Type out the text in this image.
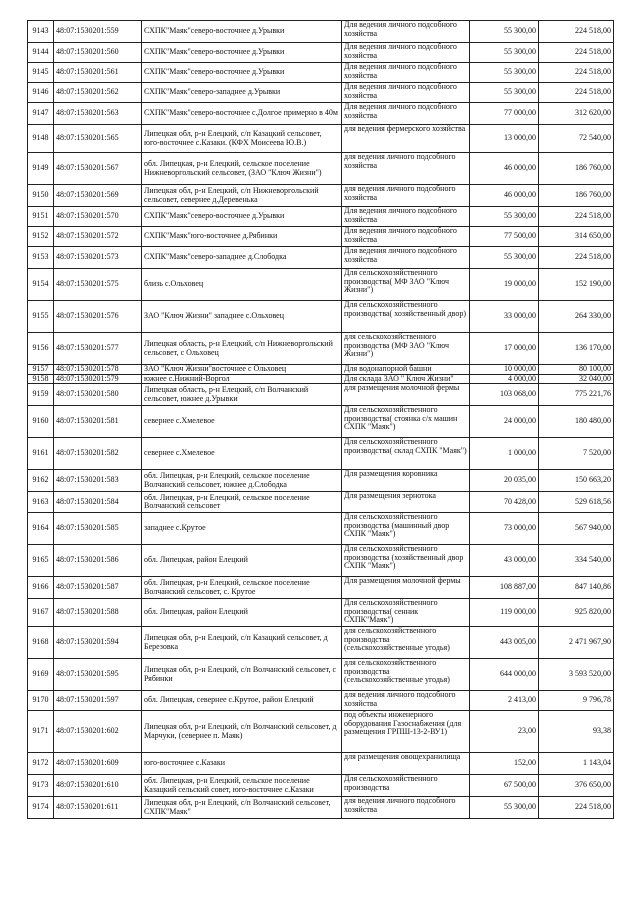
9143	48:07:1530201:559	СХПК"Маяк"северо-восточнее д.Урывки	Для ведения личного подсобного хозяйства	55 300,00	224 518,00
9144	48:07:1530201:560	СХПК"Маяк"северо-восточнее д.Урывки	Для ведения личного подсобного хозяйства	55 300,00	224 518,00
9145	48:07:1530201:561	СХПК"Маяк"северо-восточнее д.Урывки	Для ведения личного подсобного хозяйства	55 300,00	224 518,00
9146	48:07:1530201:562	СХПК"Маяк"северо-западнее д.Урывки	Для ведения личного подсобного хозяйства	55 300,00	224 518,00
9147	48:07:1530201:563	СХПК"Маяк"северо-восточнее с.Долгое примерно в 40м	Для ведения личного подсобного хозяйства	77 000,00	312 620,00
9148	48:07:1530201:565	Липецкая обл, р-н Елецкий, с/п Казацкий сельсовет, юго-восточнее с.Казаки. (КФХ Моисеева Ю.В.)	для ведения фермерского хозяйства	13 000,00	72 540,00
9149	48:07:1530201:567	обл. Липецкая, р-н Елецкий, сельское поселение Нижневоргольский сельсовет, (ЗАО "Ключ Жизни")	для ведения личного подсобного хозяйства	46 000,00	186 760,00
9150	48:07:1530201:569	Липецкая обл, р-н Елецкий, с/п Нижневоргольский сельсовет, севернее д.Деревенька	для ведения личного подсобного хозяйства	46 000,00	186 760,00
9151	48:07:1530201:570	СХПК"Маяк"северо-восточнее д.Урывки	Для ведения личного подсобного хозяйства	55 300,00	224 518,00
9152	48:07:1530201:572	СХПК"Маяк"юго-восточнее д.Рябинки	Для ведения личного подсобного хозяйства	77 500,00	314 650,00
9153	48:07:1530201:573	СХПК"Маяк"северо-западнее д.Слободка	Для ведения личного подсобного хозяйства	55 300,00	224 518,00
9154	48:07:1530201:575	близь с.Ольховец	Для сельскохозяйственного производства( МФ ЗАО "Ключ Жизни")	19 000,00	152 190,00
9155	48:07:1530201:576	ЗАО "Ключ Жизни" западнее с.Ольховец	Для сельскохозяйственного производства( хозяйственный двор)	33 000,00	264 330,00
9156	48:07:1530201:577	Липецкая область, р-н Елецкий, с/п Нижневоргольский сельсовет, с Ольховец	для сельскохозяйственного производства (МФ ЗАО "Ключ Жизни")	17 000,00	136 170,00
9157	48:07:1530201:578	ЗАО "Ключ Жизни"восточнее с Ольховец	Для водонапорной башни	10 000,00	80 100,00
9158	48:07:1530201:579	южнее с.Нижний-Воргол	Для склада ЗАО " Ключ Жизни"	4 000,00	32 040,00
9159	48:07:1530201:580	Липецкая область, р-н Елецкий, с/п Волчанский сельсовет, южнее д.Урывки	для размещения молочной фермы	103 068,00	775 221,76
9160	48:07:1530201:581	севернее с.Хмелевое	Для сельскохозяйственного производства( стоянка с/х машин СХПК "Маяк")	24 000,00	180 480,00
9161	48:07:1530201:582	севернее с.Хмелевое	Для сельскохозяйственного производства( склад СХПК "Маяк")	1 000,00	7 520,00
9162	48:07:1530201:583	обл. Липецкая, р-н Елецкий, сельское поселение Волчанский сельсовет, южнее д.Слободка	Для размещения коровника	20 035,00	150 663,20
9163	48:07:1530201:584	обл. Липецкая, р-н Елецкий, сельское поселение Волчанский сельсовет	Для размещения зернотока	70 428,00	529 618,56
9164	48:07:1530201:585	западнее с.Крутое	Для сельскохозяйственного производства (машинный двор СХПК "Маяк")	73 000,00	567 940,00
9165	48:07:1530201:586	обл. Липецкая, район Елецкий	Для сельскохозяйственного производства (хозяйственный двор СХПК "Маяк")	43 000,00	334 540,00
9166	48:07:1530201:587	обл. Липецкая, р-н Елецкий, сельское поселение Волчанский сельсовет, с. Крутое	Для размещения молочной фермы	108 887,00	847 140,86
9167	48:07:1530201:588	обл. Липецкая, район Елецкий	Для сельскохозяйственного производства( сенник СХПК"Маяк")	119 000,00	925 820,00
9168	48:07:1530201:594	Липецкая обл, р-н Елецкий, с/п Казацкий сельсовет, д Березовка	для сельскохозяйственного производства (сельскохозяйственные угодья)	443 005,00	2 471 967,90
9169	48:07:1530201:595	Липецкая обл, р-н Елецкий, с/п Волчанский сельсовет, с Рябинки	для сельскохозяйственного производства (сельскохозяйственные угодья)	644 000,00	3 593 520,00
9170	48:07:1530201:597	обл. Липецкая, севернее с.Крутое, район Елецкий	для ведения личного подсобного хозяйства	2 413,00	9 796,78
9171	48:07:1530201:602	Липецкая обл, р-н Елецкий, с/п Волчанский сельсовет, д Марчуки, (севернее п. Маяк)	под объекты инженерного оборудования Газоснабжения (для размещения ГРПШ-13-2-ВУ1)	23,00	93,38
9172	48:07:1530201:609	юго-восточнее с.Казаки	для размещения овощехранилища	152,00	1 143,04
9173	48:07:1530201:610	обл. Липецкая, р-н Елецкий, сельское поселение Казацкий сельский совет, юго-восточнее с.Казаки	Для сельскохозяйственного производства	67 500,00	376 650,00
9174	48:07:1530201:611	Липецкая обл, р-н Елецкий, с/п Волчанский сельсовет, СХПК"Маяк"	для ведения личного подсобного хозяйства	55 300,00	224 518,00
